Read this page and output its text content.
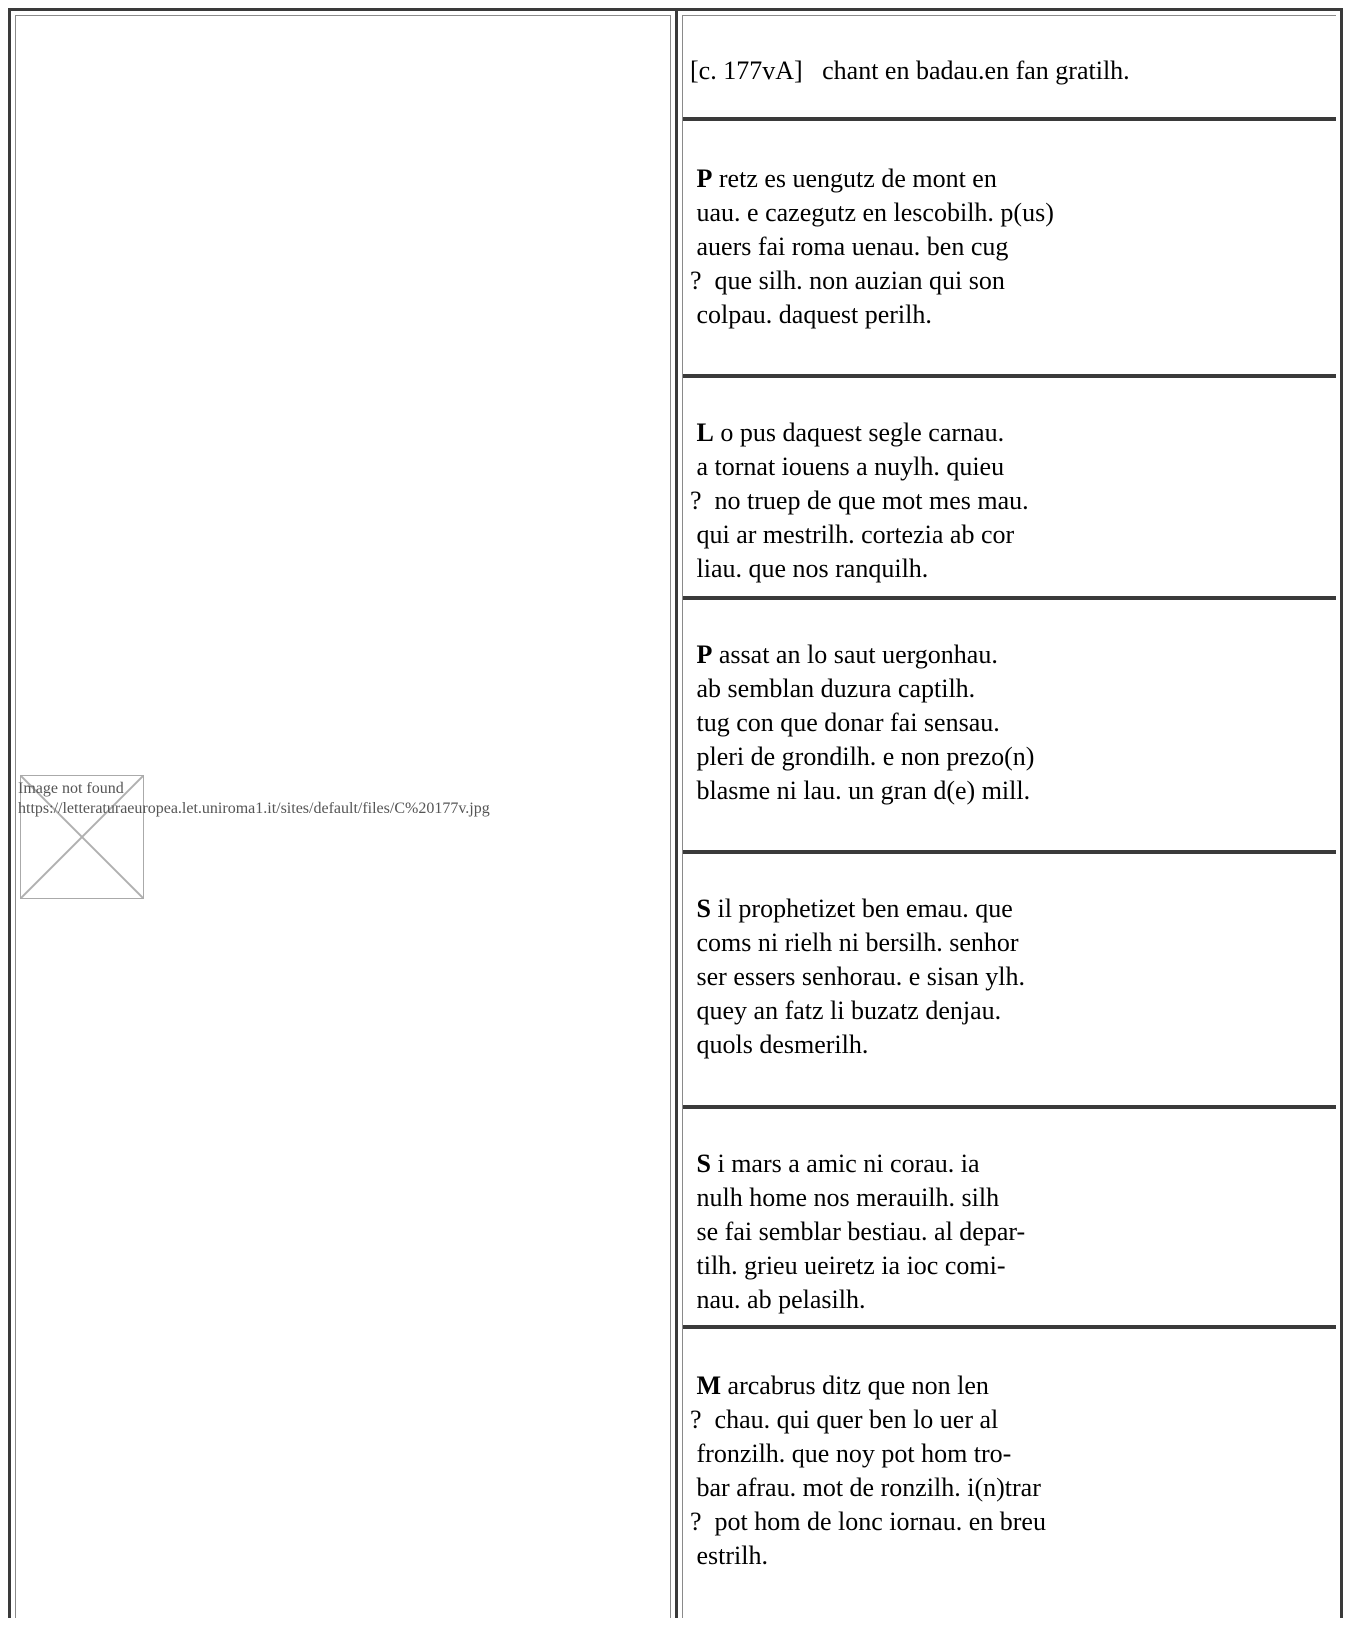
Image not found
https://letteraturaeuropea.let.uniroma1.it/sites/default/files/C%20177v.jpg
[c. 177vA]   chant en badau.en fan gratilh.
P retz es uengutz de mont en
uau. e cazegutz en lescobilh. p(us)
auers fai roma uenau. ben cug
?  que silh. non auzian qui son
colpau. daquest perilh.
L o pus daquest segle carnau.
a tornat iouens a nuylh. quieu
?  no truep de que mot mes mau.
qui ar mestrilh. cortezia ab cor
liau. que nos ranquilh.
P assat an lo saut uergonhau.
ab semblan duzura captilh.
tug con que donar fai sensau.
pleri de grondilh. e non prezo(n)
blasme ni lau. un gran d(e) mill.
S il prophetizet ben emau. que
coms ni rielh ni bersilh. senhor
ser essers senhorau. e sisan ylh.
quey an fatz li buzatz denjau.
quols desmerilh.
S i mars a amic ni corau. ia
nulh home nos merauilh. silh
se fai semblar bestiau. al depar-
tilh. grieu ueiretz ia ioc comi-
nau. ab pelasilh.
M arcabrus ditz que non len
?  chau. qui quer ben lo uer al
fronzilh. que noy pot hom tro-
bar afrau. mot de ronzilh. i(n)trar
?  pot hom de lonc iornau. en breu
estrilh.
